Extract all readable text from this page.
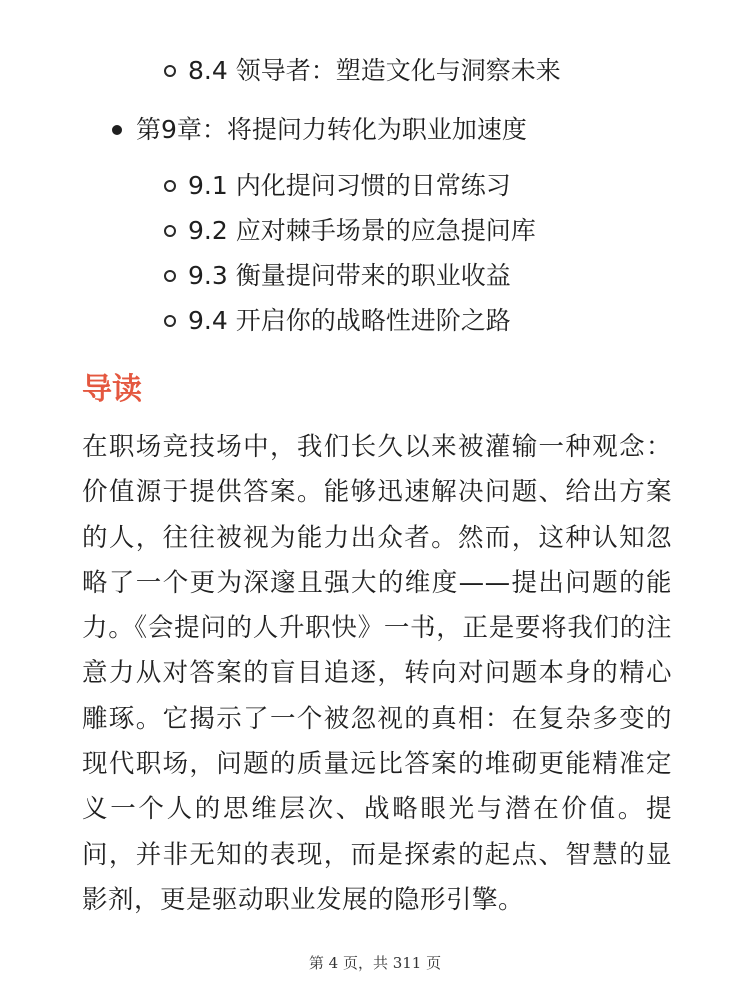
8.4 领导者：塑造文化与洞察未来
第9章：将提问力转化为职业加速度
9.1 内化提问习惯的日常练习
9.2 应对棘手场景的应急提问库
9.3 衡量提问带来的职业收益
9.4 开启你的战略性进阶之路
导读

在职场竞技场中，我们长久以来被灌输一种观念：价值源于提供答案。能够迅速解决问题、给出方案的人，往往被视为能力出众者。然而，这种认知忽略了一个更为深邃且强大的维度——提出问题的能力。《会提问的人升职快》一书，正是要将我们的注意力从对答案的盲目追逐，转向对问题本身的精心雕琢。它揭示了一个被忽视的真相：在复杂多变的现代职场，问题的质量远比答案的堆砌更能精准定义一个人的思维层次、战略眼光与潜在价值。提问，并非无知的表现，而是探索的起点、智慧的显影剂，更是驱动职业发展的隐形引擎。

第 4 页，共 311 页
